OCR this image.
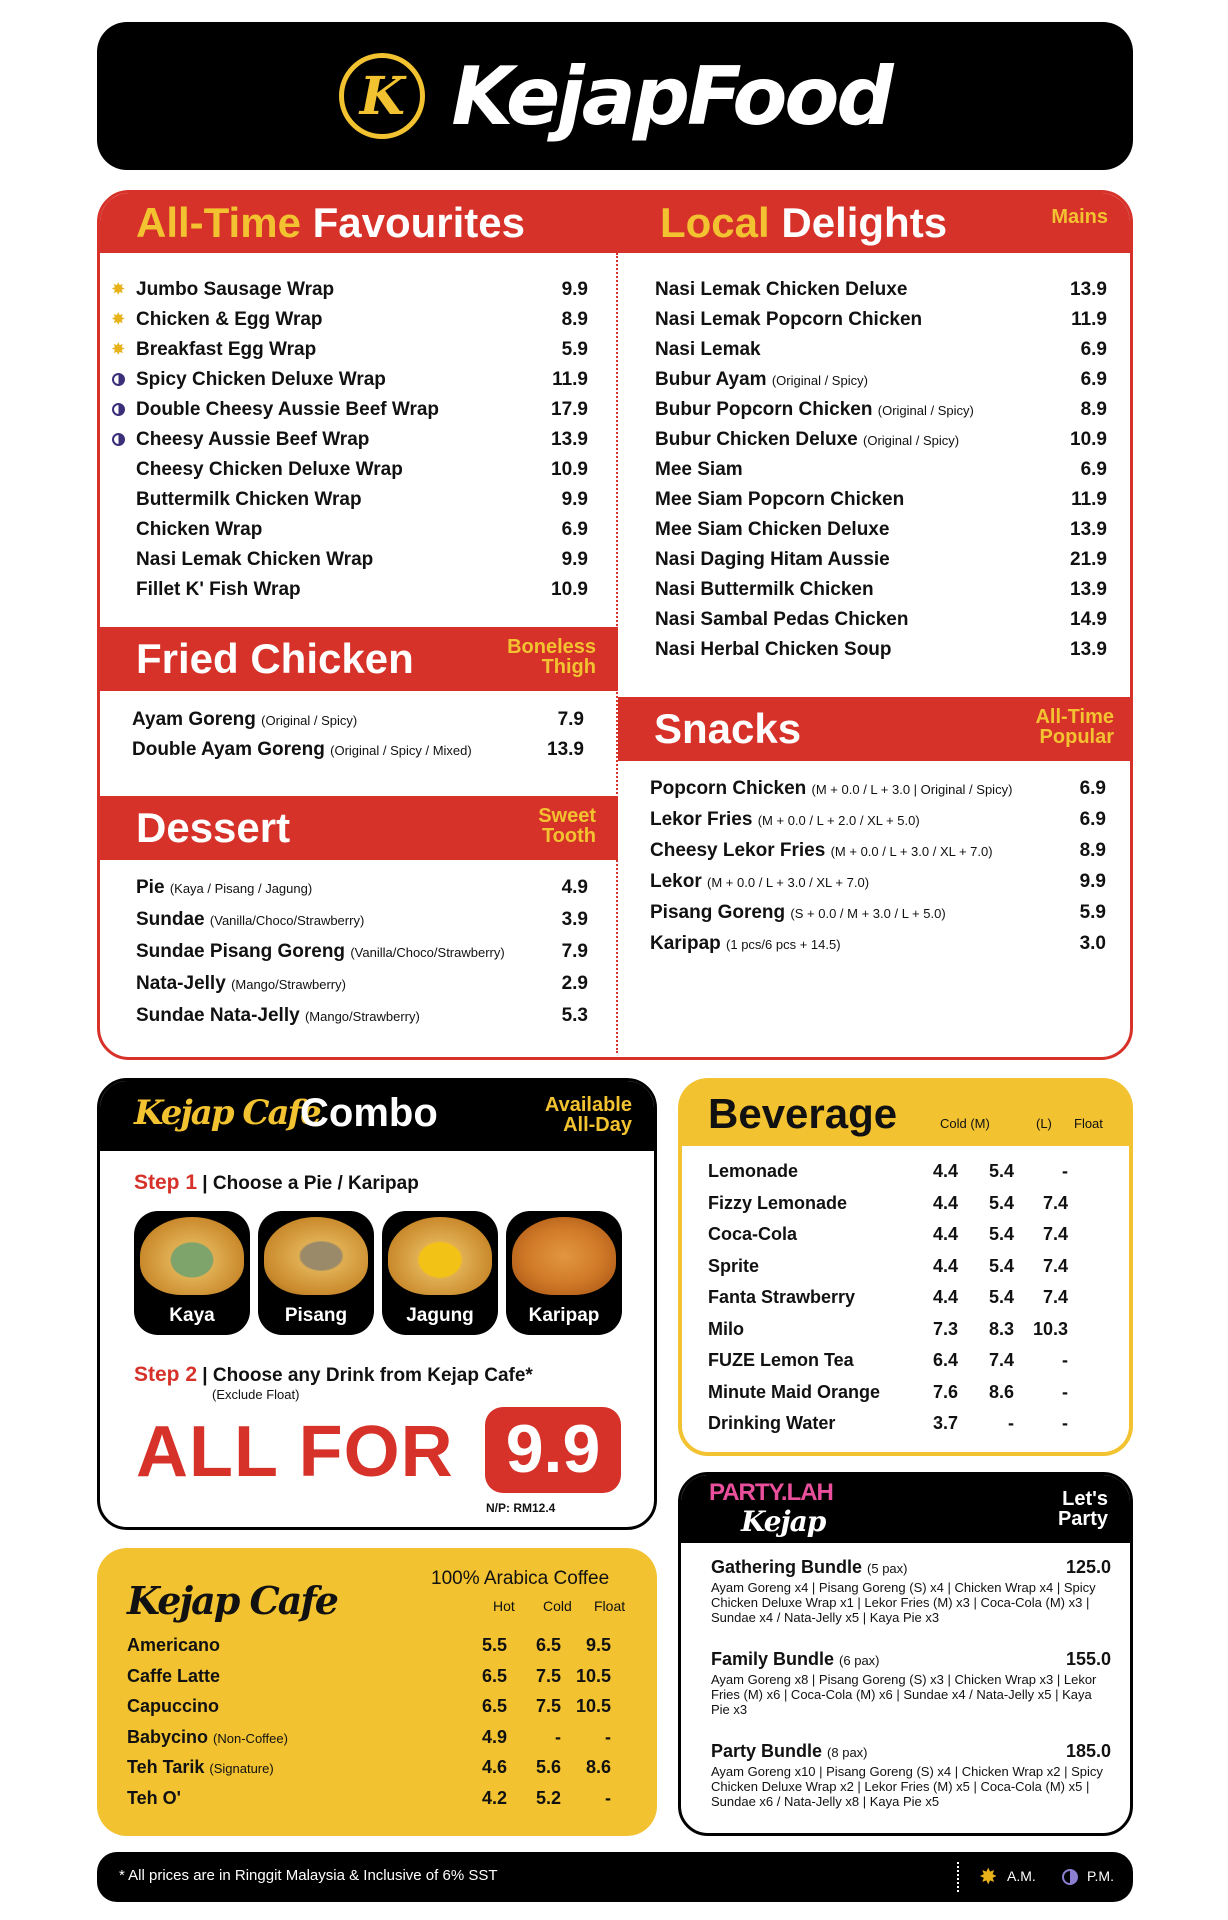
K KejapFood
All-Time Favourites	Local Delights	Mains
✸ Jumbo Sausage Wrap	9.9
✸ Chicken & Egg Wrap	8.9
✸ Breakfast Egg Wrap	5.9
Spicy Chicken Deluxe Wrap	11.9
Double Cheesy Aussie Beef Wrap	17.9
Cheesy Aussie Beef Wrap	13.9
Cheesy Chicken Deluxe Wrap	10.9
Buttermilk Chicken Wrap	9.9
Chicken Wrap	6.9
Nasi Lemak Chicken Wrap	9.9
Fillet K' Fish Wrap	10.9
Nasi Lemak Chicken Deluxe	13.9
Nasi Lemak Popcorn Chicken	11.9
Nasi Lemak	6.9
Bubur Ayam (Original / Spicy)	6.9
Bubur Popcorn Chicken (Original / Spicy)	8.9
Bubur Chicken Deluxe (Original / Spicy)	10.9
Mee Siam	6.9
Mee Siam Popcorn Chicken	11.9
Mee Siam Chicken Deluxe	13.9
Nasi Daging Hitam Aussie	21.9
Nasi Buttermilk Chicken	13.9
Nasi Sambal Pedas Chicken	14.9
Nasi Herbal Chicken Soup	13.9
Fried Chicken	Boneless
Thigh
Ayam Goreng (Original / Spicy)	7.9
Double Ayam Goreng (Original / Spicy / Mixed)	13.9
Dessert	Sweet
Tooth
Pie (Kaya / Pisang / Jagung)	4.9
Sundae (Vanilla/Choco/Strawberry)	3.9
Sundae Pisang Goreng (Vanilla/Choco/Strawberry)	7.9
Nata-Jelly (Mango/Strawberry)	2.9
Sundae Nata-Jelly (Mango/Strawberry)	5.3
Snacks	All-Time
Popular
Popcorn Chicken (M + 0.0 / L + 3.0 | Original / Spicy)	6.9
Lekor Fries (M + 0.0 / L + 2.0 / XL + 5.0)	6.9
Cheesy Lekor Fries (M + 0.0 / L + 3.0 / XL + 7.0)	8.9
Lekor (M + 0.0 / L + 3.0 / XL + 7.0)	9.9
Pisang Goreng (S + 0.0 / M + 3.0 / L + 5.0)	5.9
Karipap (1 pcs/6 pcs + 14.5)	3.0
Kejap Cafe
Combo	Available
All-Day
Step 1 | Choose a Pie / Karipap
Kaya	Pisang	Jagung	Karipap
Step 2 | Choose any Drink from Kejap Cafe*
(Exclude Float)
ALL FOR 9.9
N/P: RM12.4
Beverage	Cold (M)	(L) Float
Lemonade	4.4	5.4	-
Fizzy Lemonade	4.4	5.4	7.4
Coca-Cola	4.4	5.4	7.4
Sprite	4.4	5.4	7.4
Fanta Strawberry	4.4	5.4	7.4
Milo	7.3	8.3	10.3
FUZE Lemon Tea	6.4	7.4	-
Minute Maid Orange	7.6	8.6	-
Drinking Water	3.7	-	-
Kejap Cafe	100% Arabica Coffee
Hot Cold Float
Americano	5.5	6.5	9.5
Caffe Latte	6.5	7.5 10.5
Capuccino	6.5	7.5 10.5
Babycino (Non-Coffee)	4.9	-	-
Teh Tarik (Signature)	4.6	5.6	8.6
Teh O'	4.2	5.2	-
PARTY.LAH
Kejap
Let's
Party
Gathering Bundle (5 pax)	125.0
Ayam Goreng x4 | Pisang Goreng (S) x4 | Chicken Wrap x4 | Spicy Chicken Deluxe Wrap x1 | Lekor Fries (M) x3 | Coca-Cola (M) x3 | Sundae x4 / Nata-Jelly x5 | Kaya Pie x3
Family Bundle (6 pax)	155.0
Ayam Goreng x8 | Pisang Goreng (S) x3 | Chicken Wrap x3 | Lekor Fries (M) x6 | Coca-Cola (M) x6 | Sundae x4 / Nata-Jelly x5 | Kaya Pie x3
Party Bundle (8 pax)	185.0
Ayam Goreng x10 | Pisang Goreng (S) x4 | Chicken Wrap x2 | Spicy Chicken Deluxe Wrap x2 | Lekor Fries (M) x5 | Coca-Cola (M) x5 | Sundae x6 / Nata-Jelly x8 | Kaya Pie x5
* All prices are in Ringgit Malaysia & Inclusive of 6% SST	✸ A.M.	P.M.
